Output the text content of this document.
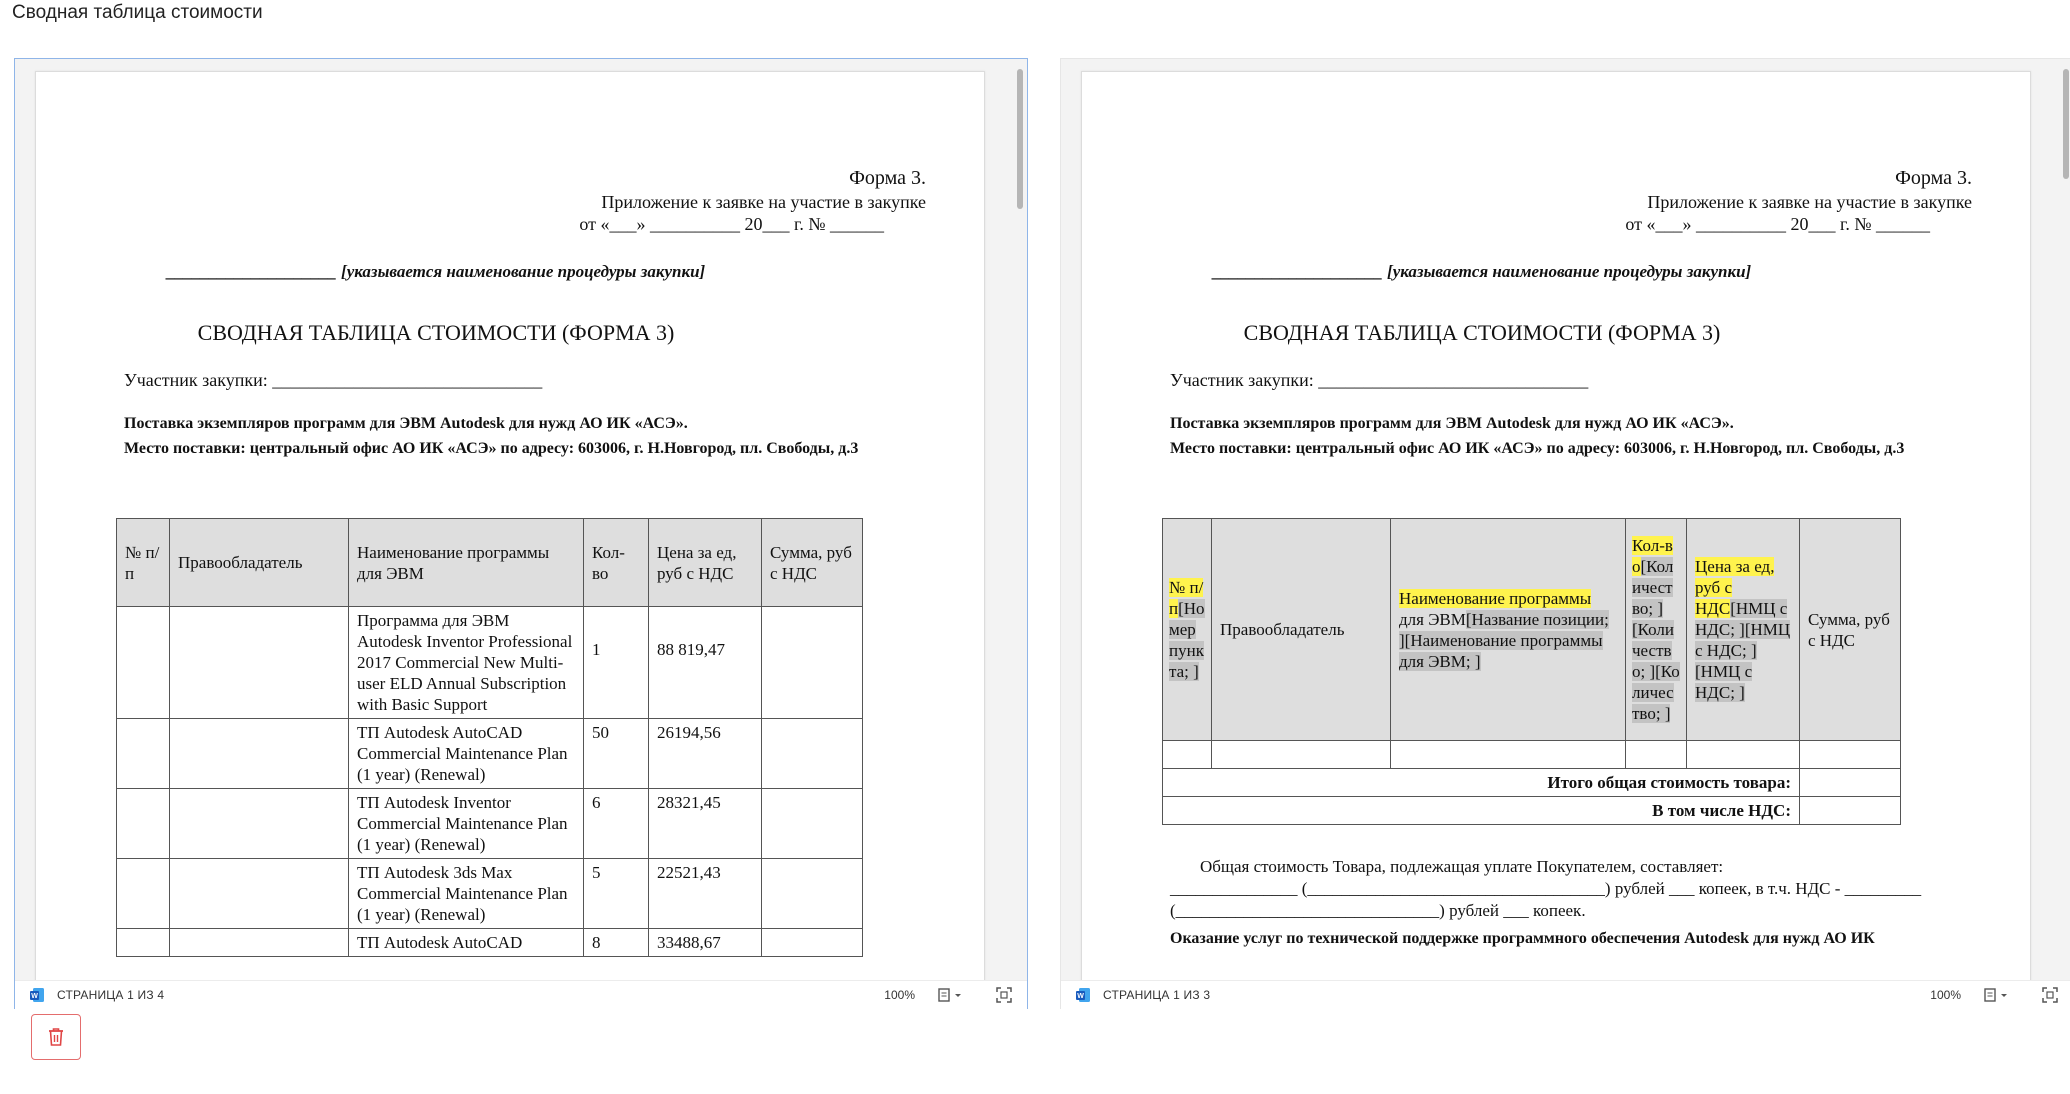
Сводная таблица стоимости
Форма 3.
Приложение к заявке на участие в закупке
от «___» __________ 20___ г. № ______
____________________ [указывается наименование процедуры закупки]
СВОДНАЯ ТАБЛИЦА СТОИМОСТИ (ФОРМА 3)
Участник закупки: ______________________________
Поставка экземпляров программ для ЭВМ Autodesk для нужд АО ИК «АСЭ».
Место поставки: центральный офис АО ИК «АСЭ» по адресу: 603006, г. Н.Новгород, пл. Свободы, д.3
№ п/п	Правообладатель	Наименование программы для ЭВМ	Кол-во	Цена за ед, руб с НДС	Сумма, руб с НДС
		Программа для ЭВМ Autodesk Inventor Professional 2017 Commercial New Multi-user ELD Annual Subscription with Basic Support	1	88 819,47	
		ТП Autodesk AutoCAD Commercial Maintenance Plan (1 year) (Renewal)	50	26194,56	
		ТП Autodesk Inventor Commercial Maintenance Plan (1 year) (Renewal)	6	28321,45	
		ТП Autodesk 3ds Max Commercial Maintenance Plan (1 year) (Renewal)	5	22521,43	
		ТП Autodesk AutoCAD	8	33488,67	
W СТРАНИЦА 1 ИЗ 4	100%
Форма 3.
Приложение к заявке на участие в закупке
от «___» __________ 20___ г. № ______
____________________ [указывается наименование процедуры закупки]
СВОДНАЯ ТАБЛИЦА СТОИМОСТИ (ФОРМА 3)
Участник закупки: ______________________________
Поставка экземпляров программ для ЭВМ Autodesk для нужд АО ИК «АСЭ».
Место поставки: центральный офис АО ИК «АСЭ» по адресу: 603006, г. Н.Новгород, пл. Свободы, д.3
№ п/п[Номер пункта; ]	Правообладатель	Наименование программы для ЭВМ[Название позиции; ][Наименование программы для ЭВМ; ]	Кол-во[Количество; ][Количество; ][Количество; ]	Цена за ед, руб с НДС[НМЦ с НДС; ][НМЦ с НДС; ][НМЦ с НДС; ]	Сумма, руб с НДС

Итого общая стоимость товара:					
В том числе НДС:					
Общая стоимость Товара, подлежащая уплате Покупателем, составляет:
_______________ (___________________________________) рублей ___ копеек, в т.ч. НДС - _________ (_______________________________) рублей ___ копеек.
Оказание услуг по технической поддержке программного обеспечения Autodesk для нужд АО ИК
W СТРАНИЦА 1 ИЗ 3	100%
